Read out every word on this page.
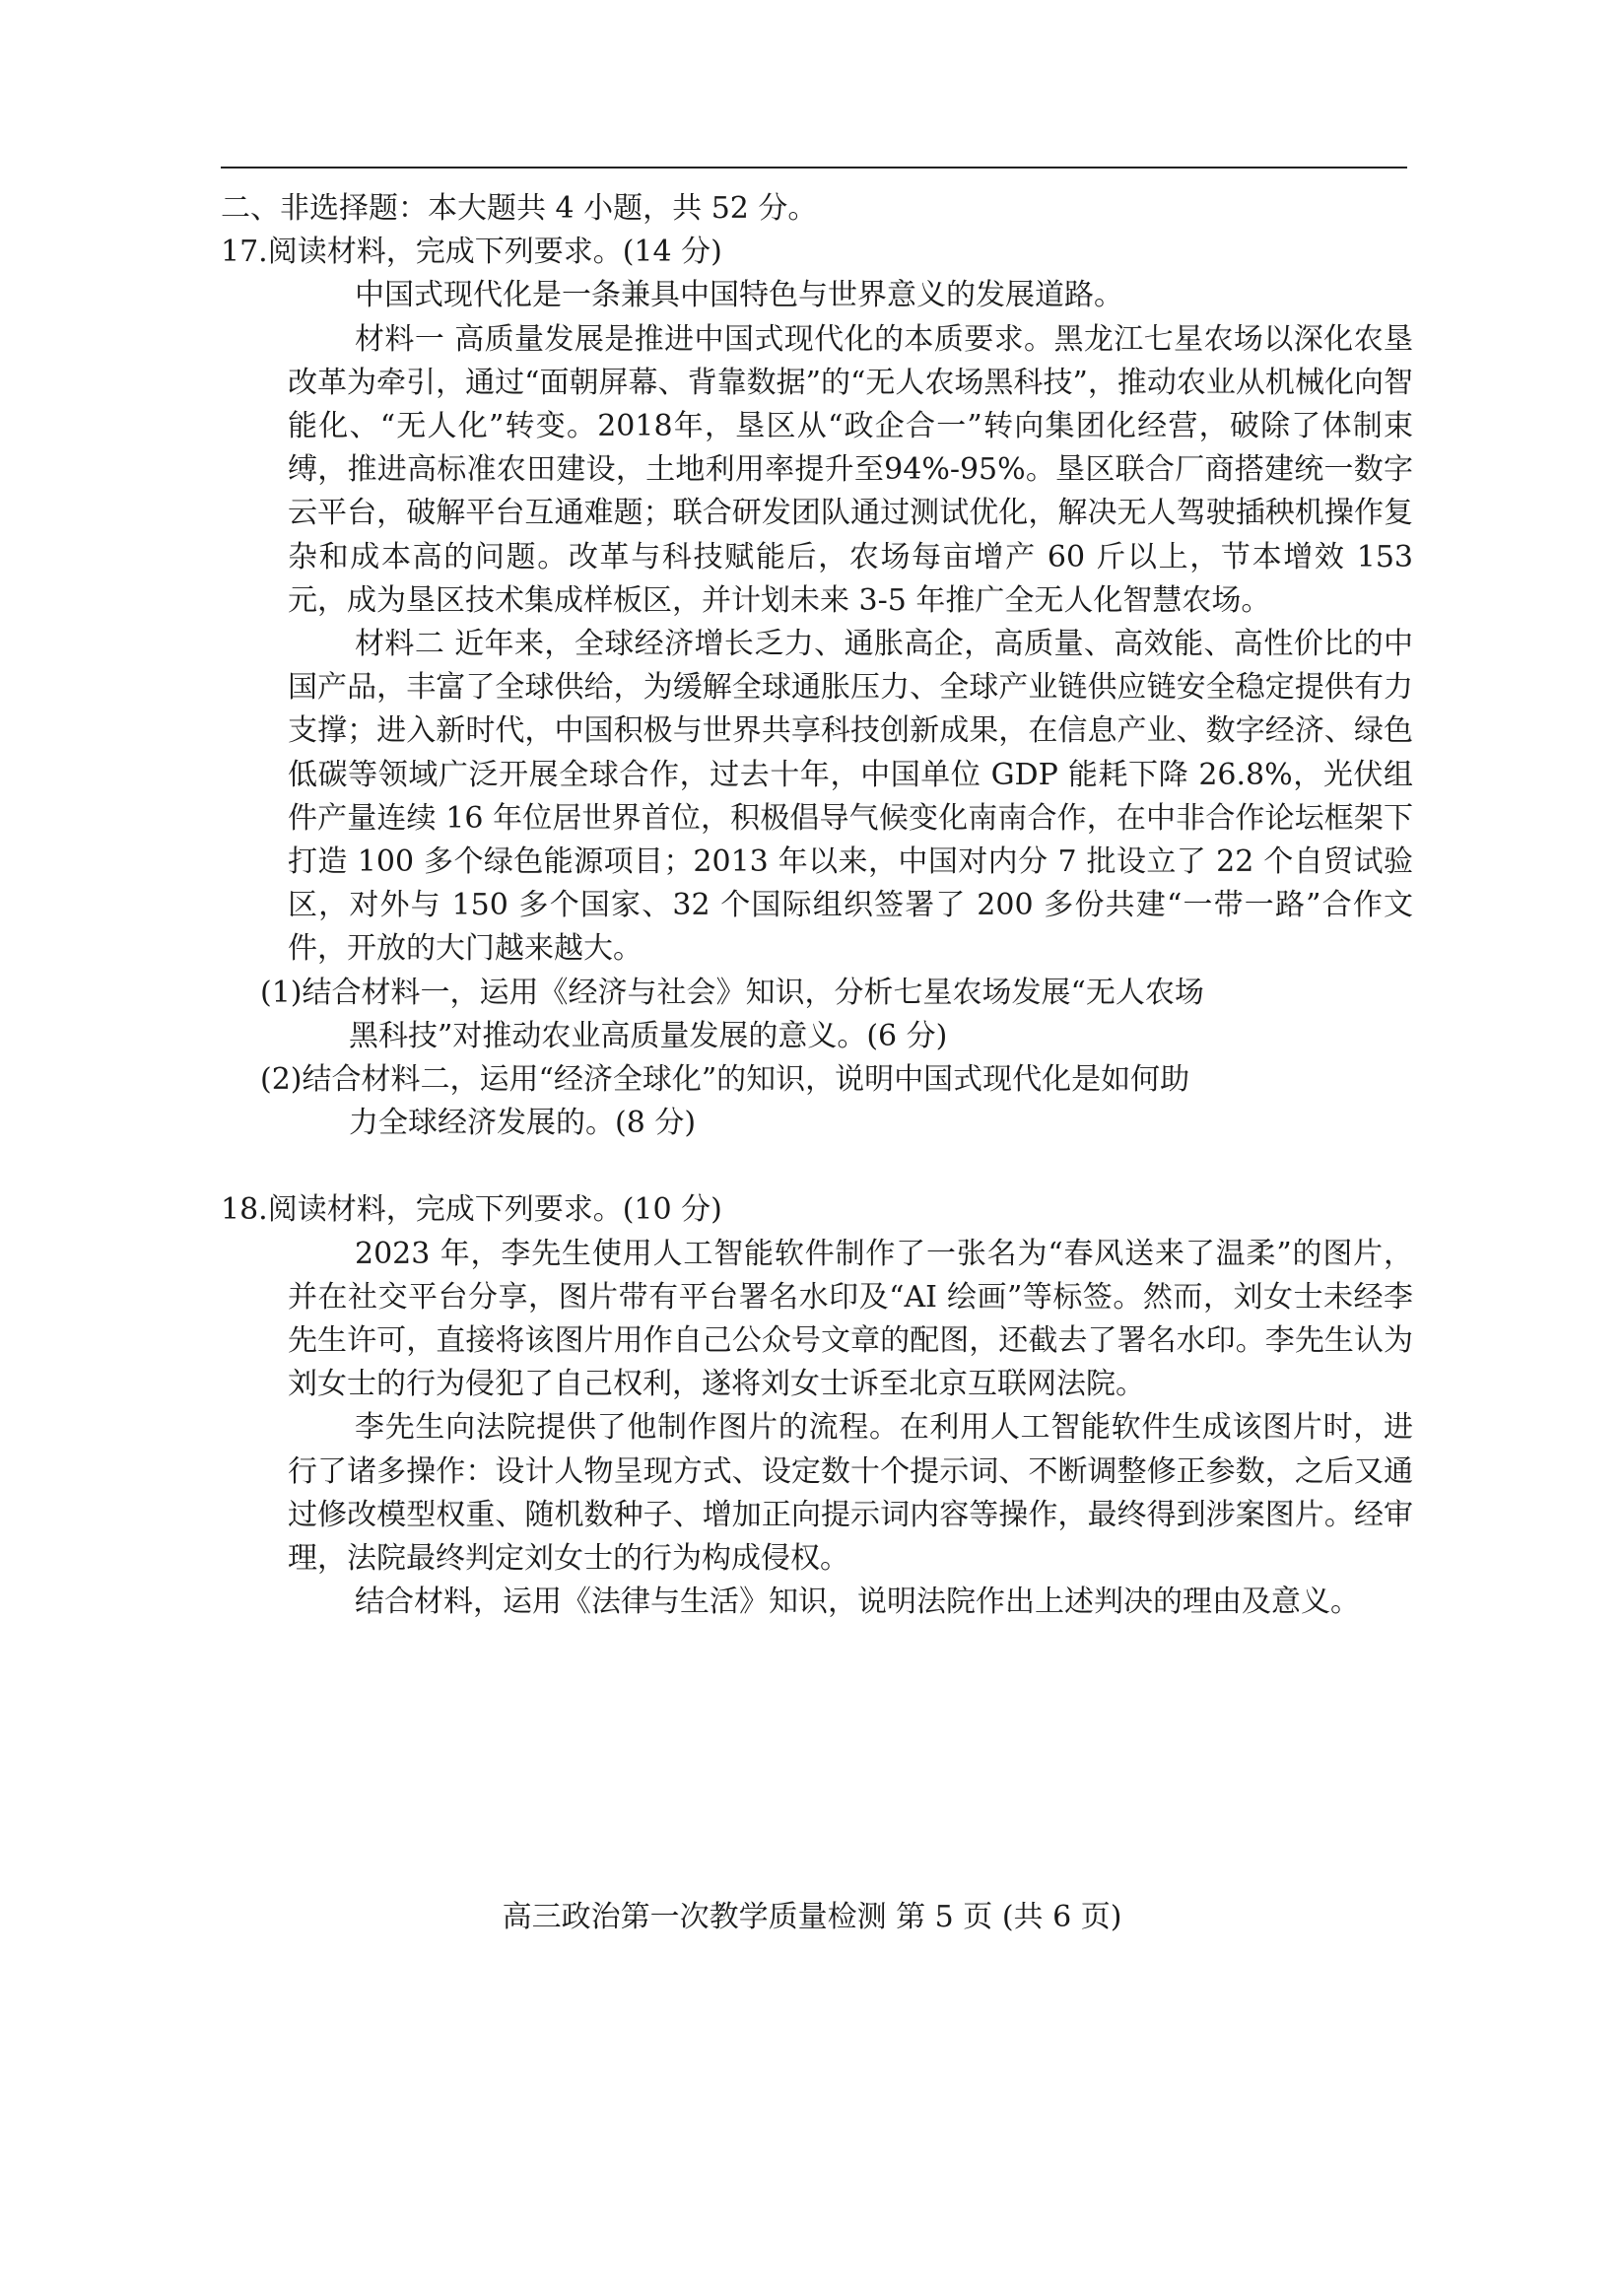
二、非选择题：本大题共 4 小题，共 52 分。
17.阅读材料，完成下列要求。(14 分)

中国式现代化是一条兼具中国特色与世界意义的发展道路。

材料一 高质量发展是推进中国式现代化的本质要求。黑龙江七星农场以深化农垦改革为牵引，通过“面朝屏幕、背靠数据”的“无人农场黑科技”，推动农业从机械化向智能化、“无人化”转变。2018年，垦区从“政企合一”转向集团化经营，破除了体制束缚，推进高标准农田建设，土地利用率提升至94%-95%。垦区联合厂商搭建统一数字云平台，破解平台互通难题；联合研发团队通过测试优化，解决无人驾驶插秧机操作复杂和成本高的问题。改革与科技赋能后，农场每亩增产 60 斤以上，节本增效 153 元，成为垦区技术集成样板区，并计划未来 3-5 年推广全无人化智慧农场。

材料二 近年来，全球经济增长乏力、通胀高企，高质量、高效能、高性价比的中国产品，丰富了全球供给，为缓解全球通胀压力、全球产业链供应链安全稳定提供有力支撑；进入新时代，中国积极与世界共享科技创新成果，在信息产业、数字经济、绿色低碳等领域广泛开展全球合作，过去十年，中国单位 GDP 能耗下降 26.8%，光伏组件产量连续 16 年位居世界首位，积极倡导气候变化南南合作，在中非合作论坛框架下打造 100 多个绿色能源项目；2013 年以来，中国对内分 7 批设立了 22 个自贸试验区，对外与 150 多个国家、32 个国际组织签署了 200 多份共建“一带一路”合作文件，开放的大门越来越大。

(1)结合材料一，运用《经济与社会》知识，分析七星农场发展“无人农场
黑科技”对推动农业高质量发展的意义。(6 分)
(2)结合材料二，运用“经济全球化”的知识，说明中国式现代化是如何助
力全球经济发展的。(8 分)
18.阅读材料，完成下列要求。(10 分)

2023 年，李先生使用人工智能软件制作了一张名为“春风送来了温柔”的图片，并在社交平台分享，图片带有平台署名水印及“AI 绘画”等标签。然而，刘女士未经李先生许可，直接将该图片用作自己公众号文章的配图，还截去了署名水印。李先生认为刘女士的行为侵犯了自己权利，遂将刘女士诉至北京互联网法院。

李先生向法院提供了他制作图片的流程。在利用人工智能软件生成该图片时，进行了诸多操作：设计人物呈现方式、设定数十个提示词、不断调整修正参数，之后又通过修改模型权重、随机数种子、增加正向提示词内容等操作，最终得到涉案图片。经审理，法院最终判定刘女士的行为构成侵权。

结合材料，运用《法律与生活》知识，说明法院作出上述判决的理由及意义。

高三政治第一次教学质量检测 第 5 页 (共 6 页)
